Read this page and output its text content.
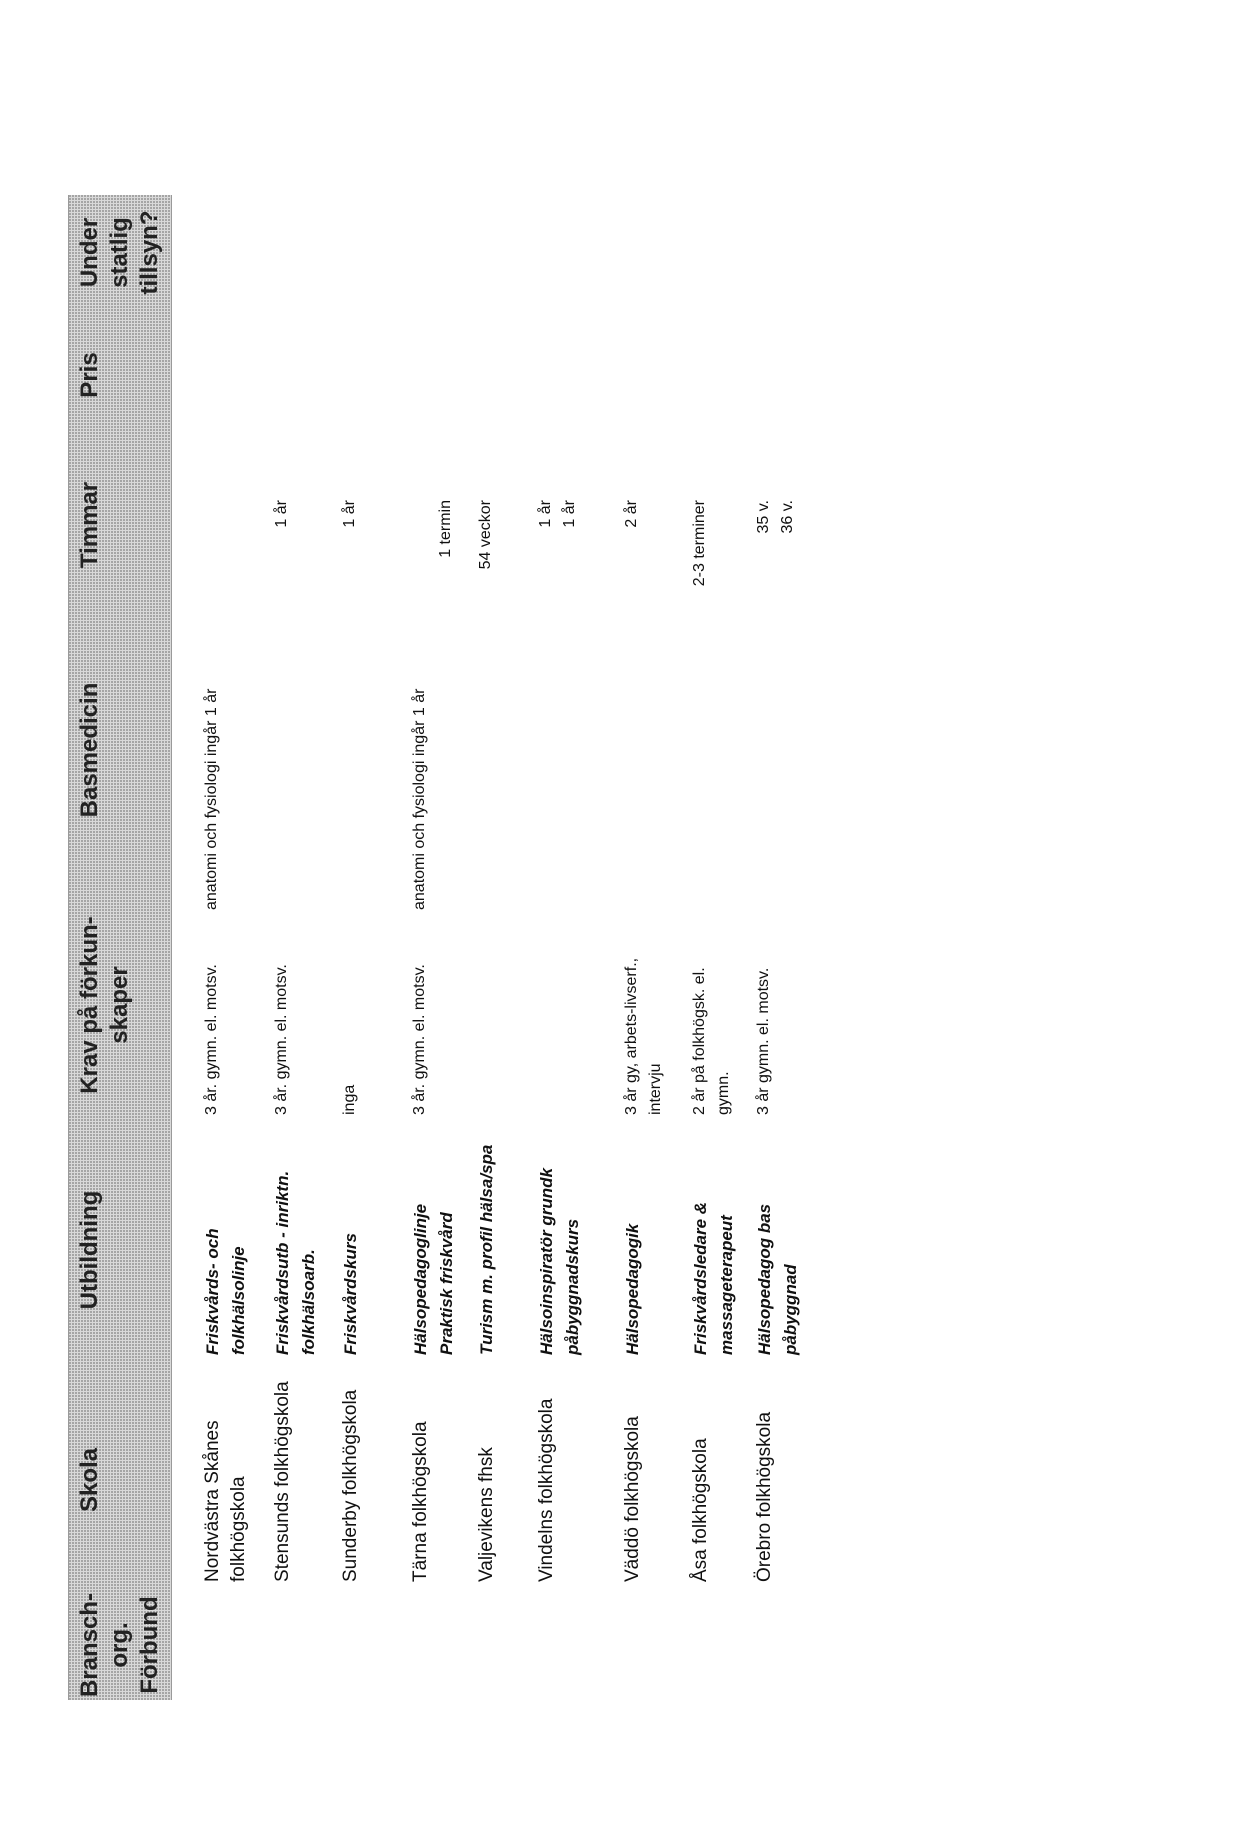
Bransch-
org.
Förbund
Skola
Utbildning
Krav på förkun-
skaper
Basmedicin
Timmar
Pris
Under
statlig
tillsyn?
Nordvästra Skånes
folkhögskola
Friskvårds- och
folkhälsolinje
3 år. gymn. el. motsv.
anatomi och fysiologi ingår 1 år
Stensunds folkhögskola
Friskvårdsutb - inriktn.
folkhälsoarb.
3 år. gymn. el. motsv.
1 år
Sunderby folkhögskola
Friskvårdskurs
inga
1 år
Tärna folkhögskola
Hälsopedagoglinje
Praktisk friskvård
3 år. gymn. el. motsv.
anatomi och fysiologi ingår 1 år
1 termin
Valjevikens fhsk
Turism m. profil hälsa/spa
54 veckor
Vindelns folkhögskola
Hälsoinspiratör grundk
påbyggnadskurs
1 år
1 år
Väddö folkhögskola
Hälsopedagogik
3 år gy, arbets-livserf.,
intervju
2 år
Åsa folkhögskola
Friskvårdsledare &
massageterapeut
2 år på folkhögsk. el.
gymn.
2-3 terminer
Örebro folkhögskola
Hälsopedagog bas
påbyggnad
3 år gymn. el. motsv.
35 v.
36 v.
